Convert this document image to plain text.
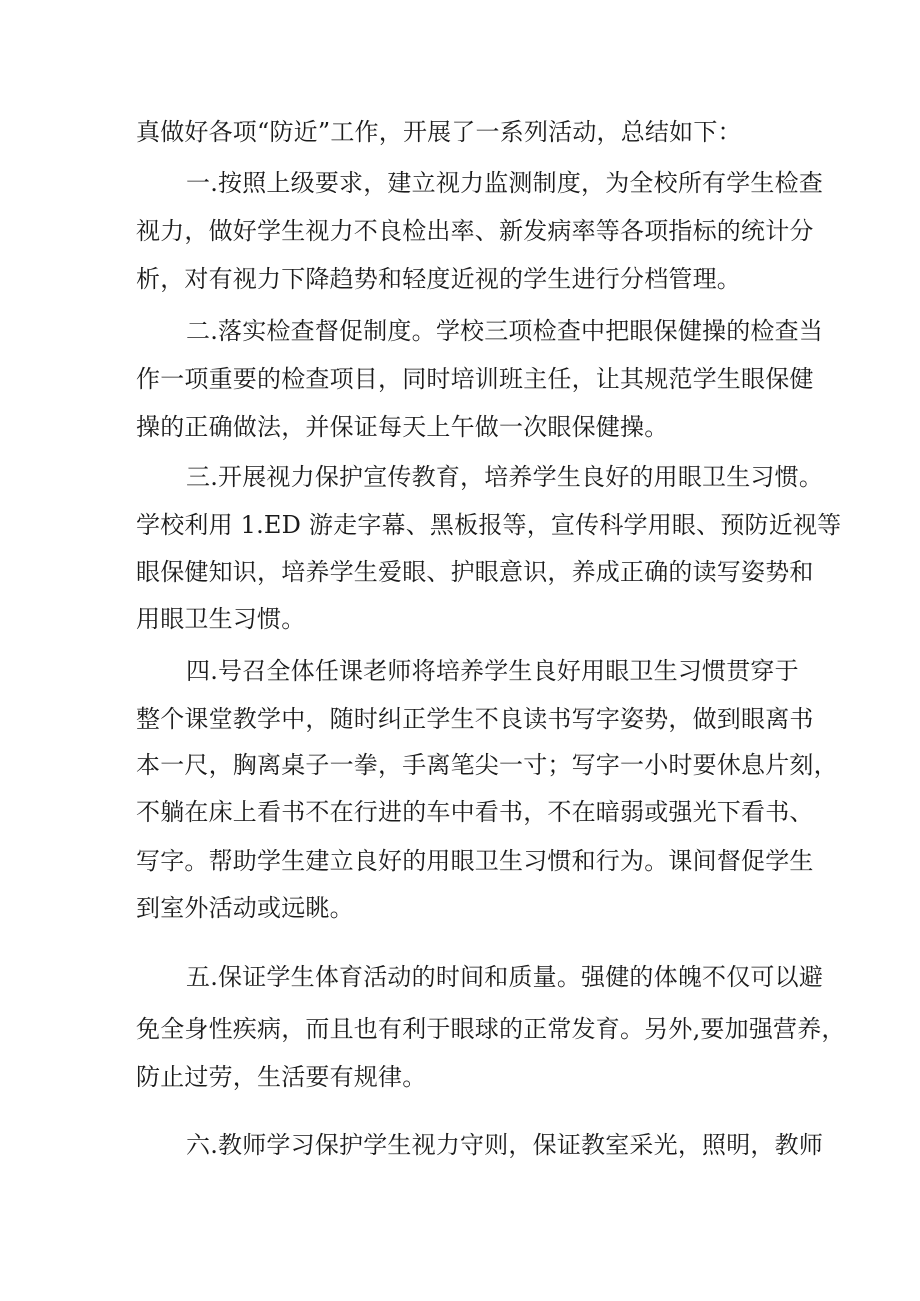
真做好各项“防近”工作，开展了一系列活动，总结如下：

一.按照上级要求，建立视力监测制度，为全校所有学生检查

视力，做好学生视力不良检出率、新发病率等各项指标的统计分

析，对有视力下降趋势和轻度近视的学生进行分档管理。

二.落实检查督促制度。学校三项检查中把眼保健操的检查当

作一项重要的检查项目，同时培训班主任，让其规范学生眼保健

操的正确做法，并保证每天上午做一次眼保健操。

三.开展视力保护宣传教育，培养学生良好的用眼卫生习惯。

学校利用 1.ED 游走字幕、黑板报等，宣传科学用眼、预防近视等

眼保健知识，培养学生爱眼、护眼意识，养成正确的读写姿势和

用眼卫生习惯。

四.号召全体任课老师将培养学生良好用眼卫生习惯贯穿于

整个课堂教学中，随时纠正学生不良读书写字姿势，做到眼离书

本一尺，胸离桌子一拳，手离笔尖一寸；写字一小时要休息片刻，

不躺在床上看书不在行进的车中看书，不在暗弱或强光下看书、

写字。帮助学生建立良好的用眼卫生习惯和行为。课间督促学生

到室外活动或远眺。

五.保证学生体育活动的时间和质量。强健的体魄不仅可以避

免全身性疾病，而且也有利于眼球的正常发育。另外,要加强营养，

防止过劳，生活要有规律。

六.教师学习保护学生视力守则，保证教室采光，照明，教师
